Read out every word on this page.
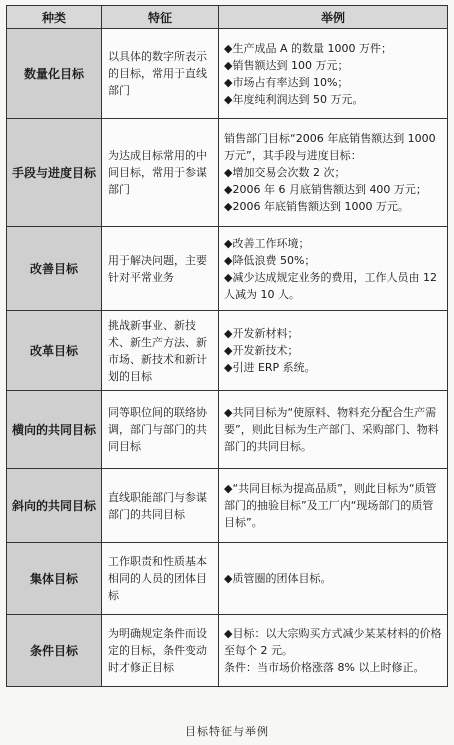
种类	特征	举例
数量化目标	以具体的数字所表示的目标，常用于直线部门	◆生产成品 A 的数量 1000 万件；
◆销售额达到 100 万元；
◆市场占有率达到 10%；
◆年度纯利润达到 50 万元。

手段与进度目标	为达成目标常用的中间目标，常用于参谋部门	销售部门目标“2006 年底销售额达到 1000 万元”，其手段与进度目标：
◆增加交易会次数 2 次；
◆2006 年 6 月底销售额达到 400 万元；
◆2006 年底销售额达到 1000 万元。

改善目标	用于解决问题，主要针对平常业务	◆改善工作环境；
◆降低浪费 50%；
◆减少达成规定业务的费用，工作人员由 12 人减为 10 人。

改革目标	挑战新事业、新技术、新生产方法、新市场、新技术和新计划的目标	◆开发新材料；
◆开发新技术；
◆引进 ERP 系统。

横向的共同目标	同等职位间的联络协调，部门与部门的共同目标	◆共同目标为“使原料、物料充分配合生产需要”，则此目标为生产部门、采购部门、物料部门的共同目标。

斜向的共同目标	直线职能部门与参谋部门的共同目标	◆“共同目标为提高品质”，则此目标为“质管部门的抽验目标”及工厂内“现场部门的质管目标”。

集体目标	工作职责和性质基本相同的人员的团体目标	◆质管圈的团体目标。

条件目标	为明确规定条件而设定的目标，条件变动时才修正目标	◆目标：以大宗购买方式减少某某材料的价格至每个 2 元。
条件：当市场价格涨落 8% 以上时修正。
目标特征与举例
